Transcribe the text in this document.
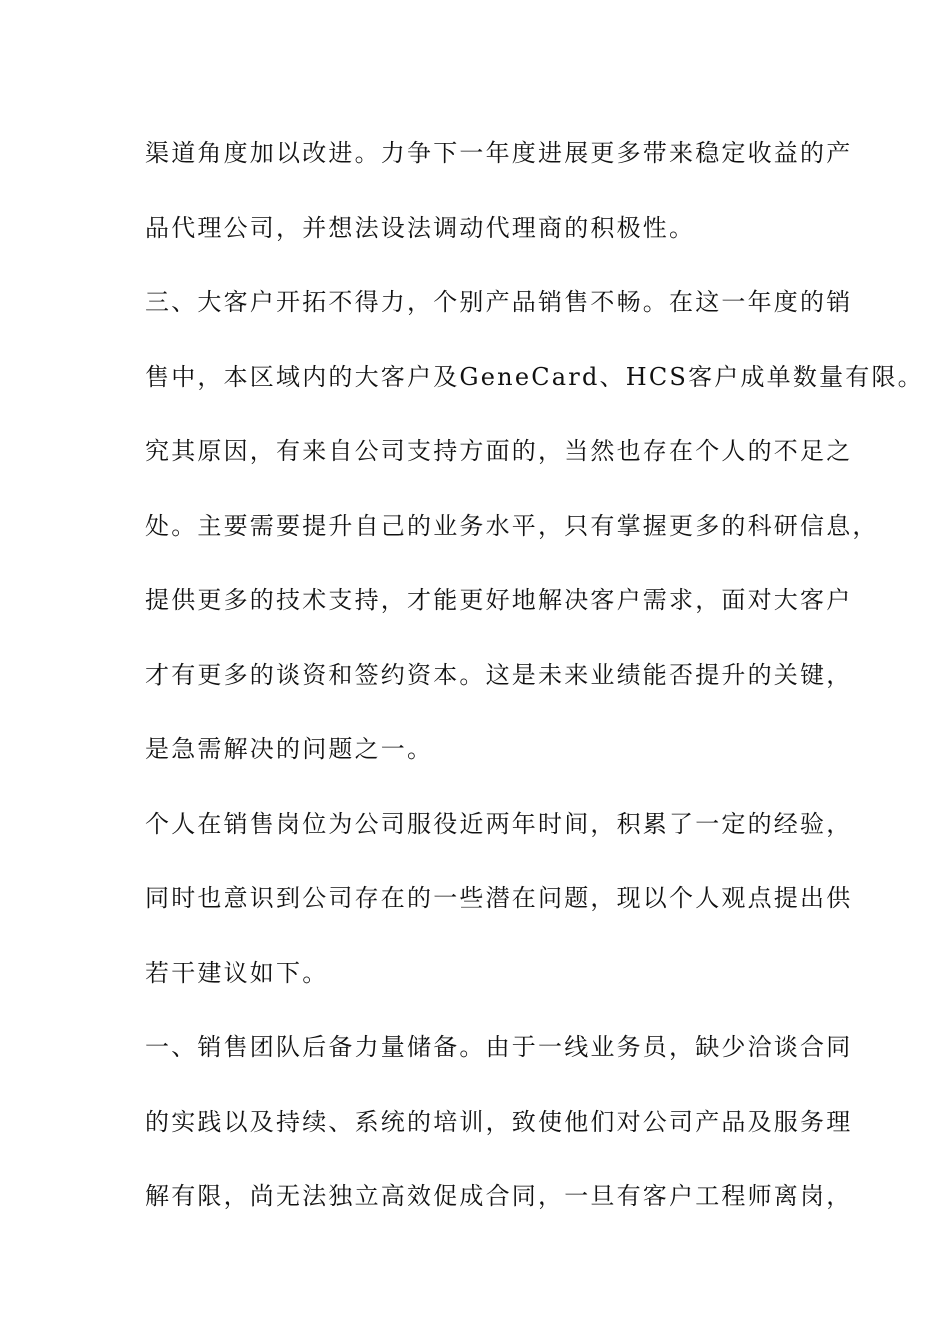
渠道角度加以改进。力争下一年度进展更多带来稳定收益的产
品代理公司，并想法设法调动代理商的积极性。
三、大客户开拓不得力，个别产品销售不畅。在这一年度的销
售中，本区域内的大客户及GeneCard、HCS客户成单数量有限。
究其原因，有来自公司支持方面的，当然也存在个人的不足之
处。主要需要提升自己的业务水平，只有掌握更多的科研信息，
提供更多的技术支持，才能更好地解决客户需求，面对大客户
才有更多的谈资和签约资本。这是未来业绩能否提升的关键，
是急需解决的问题之一。
个人在销售岗位为公司服役近两年时间，积累了一定的经验，
同时也意识到公司存在的一些潜在问题，现以个人观点提出供
若干建议如下。
一、销售团队后备力量储备。由于一线业务员，缺少洽谈合同
的实践以及持续、系统的培训，致使他们对公司产品及服务理
解有限，尚无法独立高效促成合同，一旦有客户工程师离岗，
